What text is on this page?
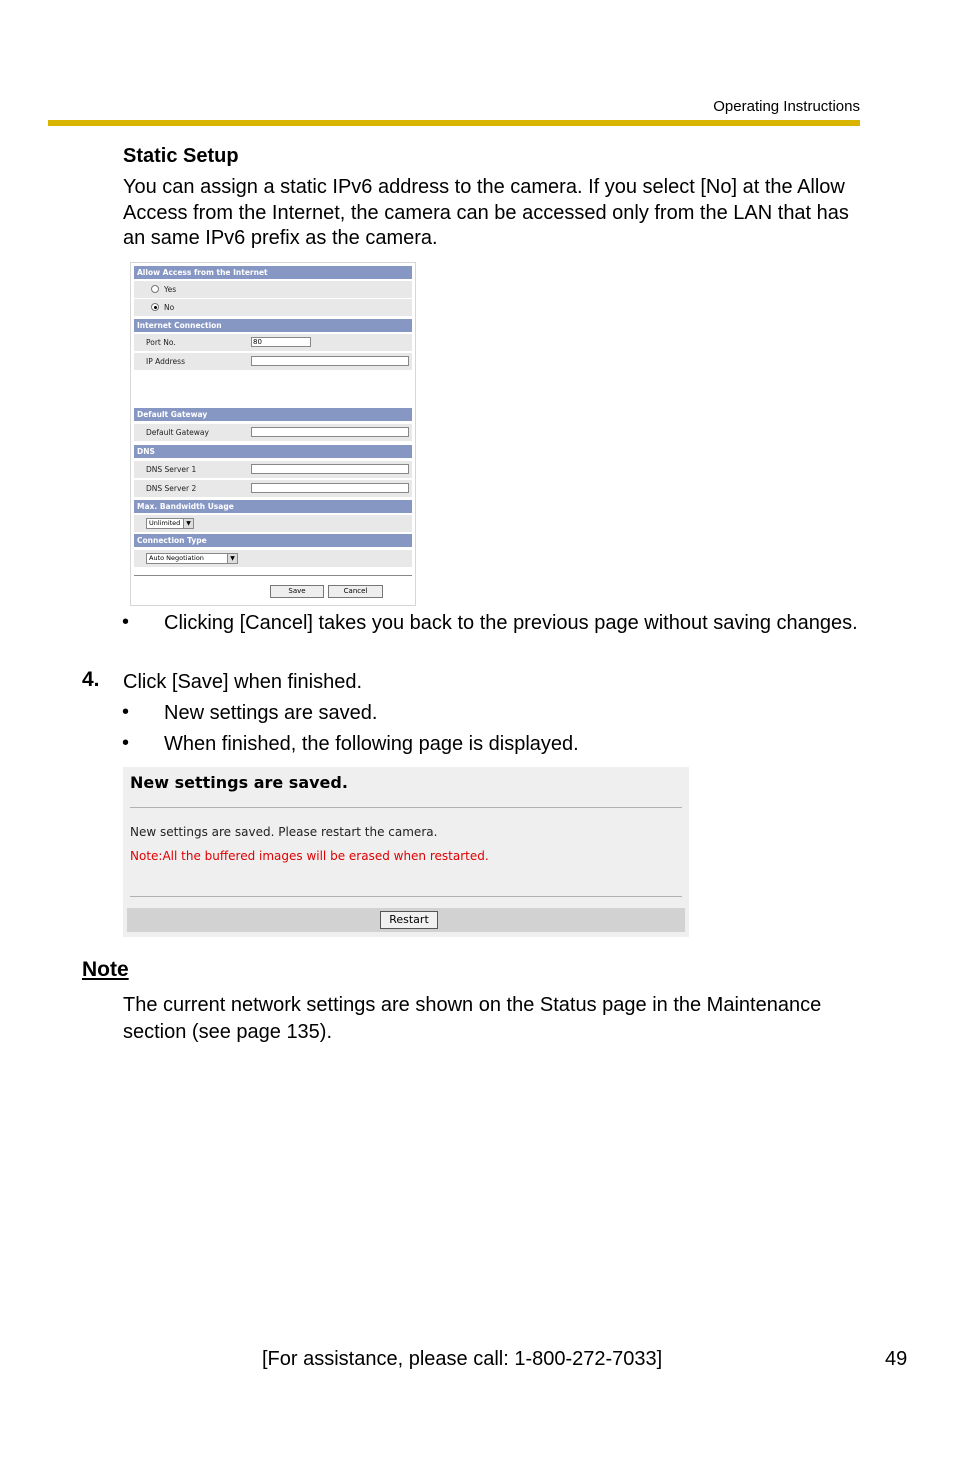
Operating Instructions
Static Setup
You can assign a static IPv6 address to the camera. If you select [No] at the Allow Access from the Internet, the camera can be accessed only from the LAN that has an same IPv6 prefix as the camera.
Allow Access from the Internet
Yes
No
Internet Connection
Port No.	80
IP Address
Default Gateway
Default Gateway
DNS
DNS Server 1
DNS Server 2
Max. Bandwidth Usage
Unlimited ▼
Connection Type
Auto Negotiation	▼
Save	Cancel
• Clicking [Cancel] takes you back to the previous page without saving changes.
4. Click [Save] when finished.
• New settings are saved.
• When finished, the following page is displayed.
New settings are saved.
New settings are saved. Please restart the camera.
Note:All the buffered images will be erased when restarted.
Restart
Note
The current network settings are shown on the Status page in the Maintenance section (see page 135).
[For assistance, please call: 1-800-272-7033]	49
